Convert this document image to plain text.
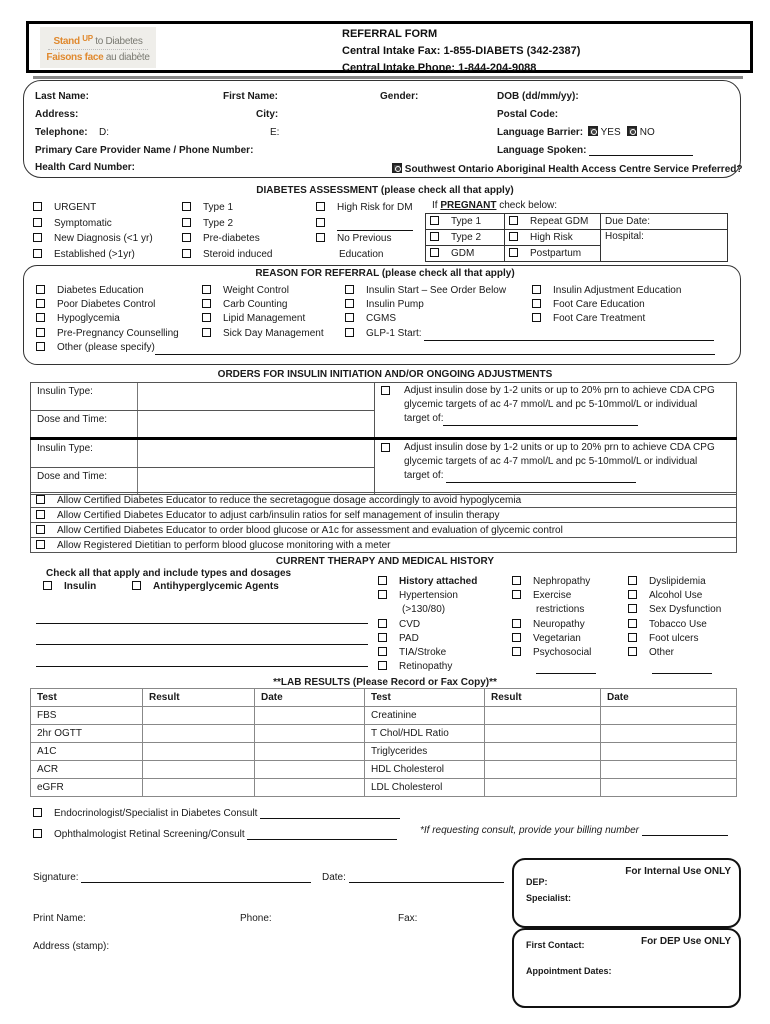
Stand $^{UP}$ to Diabetes
Faisons face au diabète
REFERRAL FORM
Central Intake Fax: 1-855-DIABETS (342-2387)
Central Intake Phone: 1-844-204-9088
Last Name:	First Name:	Gender:	DOB (dd/mm/yy):
Address:	City:	Postal Code:
Telephone: D:	E:	Language Barrier:	YES	NO
Primary Care Provider Name / Phone Number:	Language Spoken:
Health Card Number:	Southwest Ontario Aboriginal Health Access Centre Service Preferred?
DIABETES ASSESSMENT (please check all that apply)
URGENT
Symptomatic
New Diagnosis (<1 yr)
Established (>1yr)
Type 1
Type 2
Pre-diabetes
Steroid induced
High Risk for DM
No Previous
Education
If PREGNANT check below:
Type 1	Repeat GDM	Due Date:
Type 2	High Risk	Hospital:
GDM	Postpartum	
REASON FOR REFERRAL (please check all that apply)
Diabetes Education
Poor Diabetes Control
Hypoglycemia
Pre-Pregnancy Counselling
Other (please specify)
Weight Control
Carb Counting
Lipid Management
Sick Day Management
Insulin Start – See Order Below
Insulin Pump
CGMS
GLP-1 Start:
Insulin Adjustment Education
Foot Care Education
Foot Care Treatment
ORDERS FOR INSULIN INITIATION AND/OR ONGOING ADJUSTMENTS
Insulin Type:
Dose and Time:
Adjust insulin dose by 1-2 units or up to 20% prn to achieve CDA CPG glycemic targets of ac 4-7 mmol/L and pc 5-10mmol/L or individual
target of:
Insulin Type:
Dose and Time:
Adjust insulin dose by 1-2 units or up to 20% prn to achieve CDA CPG glycemic targets of ac 4-7 mmol/L and pc 5-10mmol/L or individual
target of:
Allow Certified Diabetes Educator to reduce the secretagogue dosage accordingly to avoid hypoglycemia
Allow Certified Diabetes Educator to adjust carb/insulin ratios for self management of insulin therapy
Allow Certified Diabetes Educator to order blood glucose or A1c for assessment and evaluation of glycemic control
Allow Registered Dietitian to perform blood glucose monitoring with a meter
CURRENT THERAPY AND MEDICAL HISTORY
Check all that apply and include types and dosages
Insulin	Antihyperglycemic Agents	History attached
Hypertension
(>130/80)
CVD
PAD
TIA/Stroke
Retinopathy
Nephropathy
Exercise
restrictions
Neuropathy
Vegetarian
Psychosocial
Dyslipidemia
Alcohol Use
Sex Dysfunction
Tobacco Use
Foot ulcers
Other
**LAB RESULTS (Please Record or Fax Copy)**
Test	Result	Date	Test	Result	Date
FBS			Creatinine		
2hr OGTT			T Chol/HDL Ratio		
A1C			Triglycerides		
ACR			HDL Cholesterol		
eGFR			LDL Cholesterol		
Endocrinologist/Specialist in Diabetes Consult
Ophthalmologist Retinal Screening/Consult	*If requesting consult, provide your billing number
Signature:	Date:
Print Name:	Phone:	Fax:
Address (stamp):
For Internal Use ONLY
DEP:
Specialist:
For DEP Use ONLY
First Contact:
Appointment Dates:
